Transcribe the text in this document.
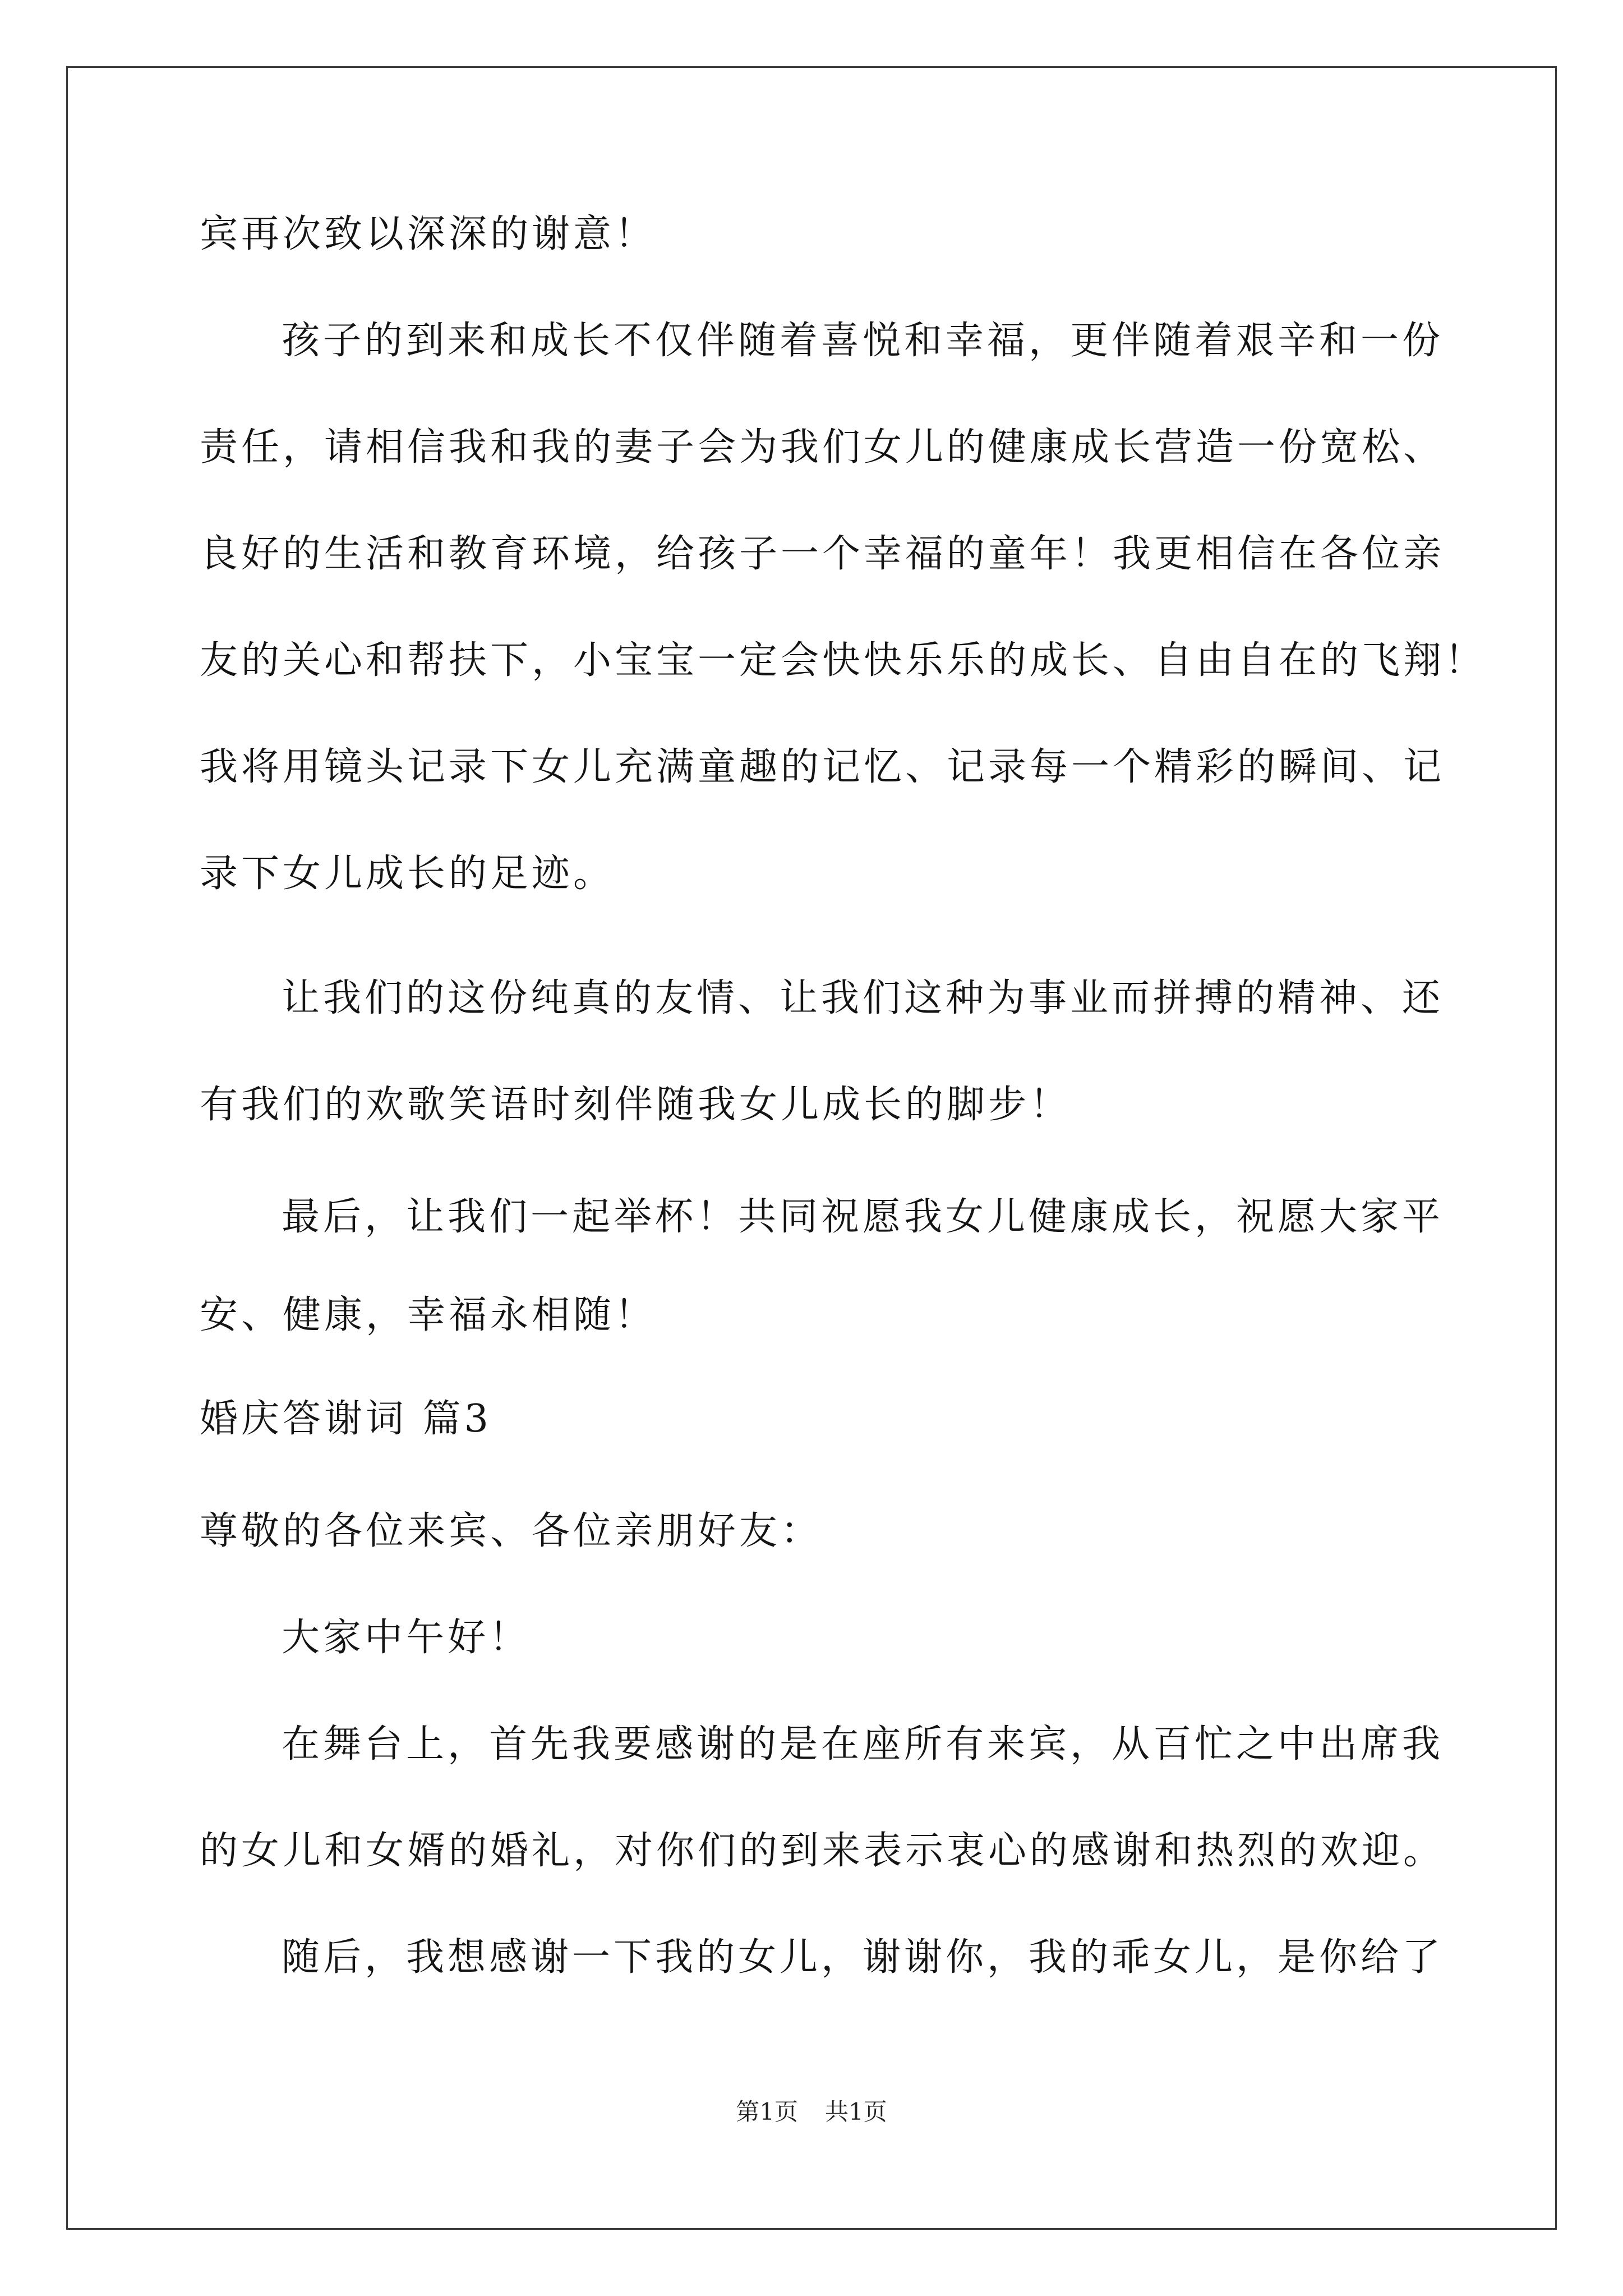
宾再次致以深深的谢意！
孩子的到来和成长不仅伴随着喜悦和幸福，更伴随着艰辛和一份
责任，请相信我和我的妻子会为我们女儿的健康成长营造一份宽松、
良好的生活和教育环境，给孩子一个幸福的童年！我更相信在各位亲
友的关心和帮扶下，小宝宝一定会快快乐乐的成长、自由自在的飞翔！
我将用镜头记录下女儿充满童趣的记忆、记录每一个精彩的瞬间、记
录下女儿成长的足迹。
让我们的这份纯真的友情、让我们这种为事业而拼搏的精神、还
有我们的欢歌笑语时刻伴随我女儿成长的脚步！
最后，让我们一起举杯！共同祝愿我女儿健康成长，祝愿大家平
安、健康，幸福永相随！
婚庆答谢词 篇3
尊敬的各位来宾、各位亲朋好友：
大家中午好！
在舞台上，首先我要感谢的是在座所有来宾，从百忙之中出席我
的女儿和女婿的婚礼，对你们的到来表示衷心的感谢和热烈的欢迎。
随后，我想感谢一下我的女儿，谢谢你，我的乖女儿，是你给了
第1页 共1页
